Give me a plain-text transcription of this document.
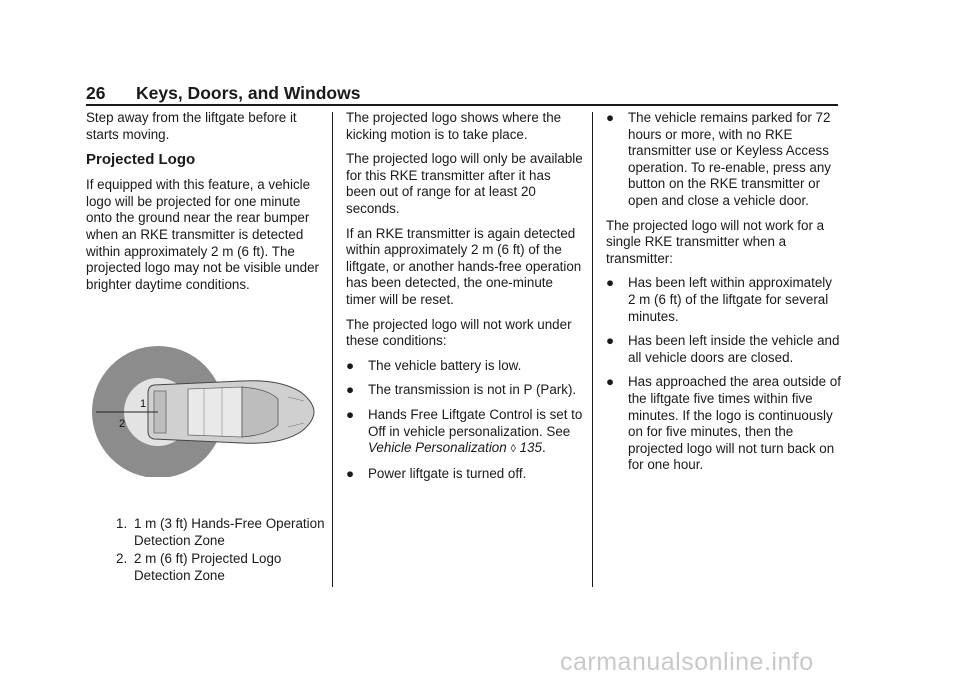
26 Keys, Doors, and Windows

Step away from the liftgate before it starts moving.

Projected Logo

If equipped with this feature, a vehicle logo will be projected for one minute onto the ground near the rear bumper when an RKE transmitter is detected within approximately 2 m (6 ft). The projected logo may not be visible under brighter daytime conditions.

1
2
1. 1 m (3 ft) Hands-Free Operation Detection Zone
2. 2 m (6 ft) Projected Logo Detection Zone

The projected logo shows where the kicking motion is to take place.

The projected logo will only be available for this RKE transmitter after it has been out of range for at least 20 seconds.

If an RKE transmitter is again detected within approximately 2 m (6 ft) of the liftgate, or another hands-free operation has been detected, the one-minute timer will be reset.

The projected logo will not work under these conditions:

● The vehicle battery is low.
● The transmission is not in P (Park).
● Hands Free Liftgate Control is set to Off in vehicle personalization. See Vehicle Personalization ◊ 135.
● Power liftgate is turned off.
● The vehicle remains parked for 72 hours or more, with no RKE transmitter use or Keyless Access operation. To re-enable, press any button on the RKE transmitter or open and close a vehicle door.

The projected logo will not work for a single RKE transmitter when a transmitter:

● Has been left within approximately 2 m (6 ft) of the liftgate for several minutes.
● Has been left inside the vehicle and all vehicle doors are closed.
● Has approached the area outside of the liftgate five times within five minutes. If the logo is continuously on for five minutes, then the projected logo will not turn back on for one hour.
carmanualsonline.info
